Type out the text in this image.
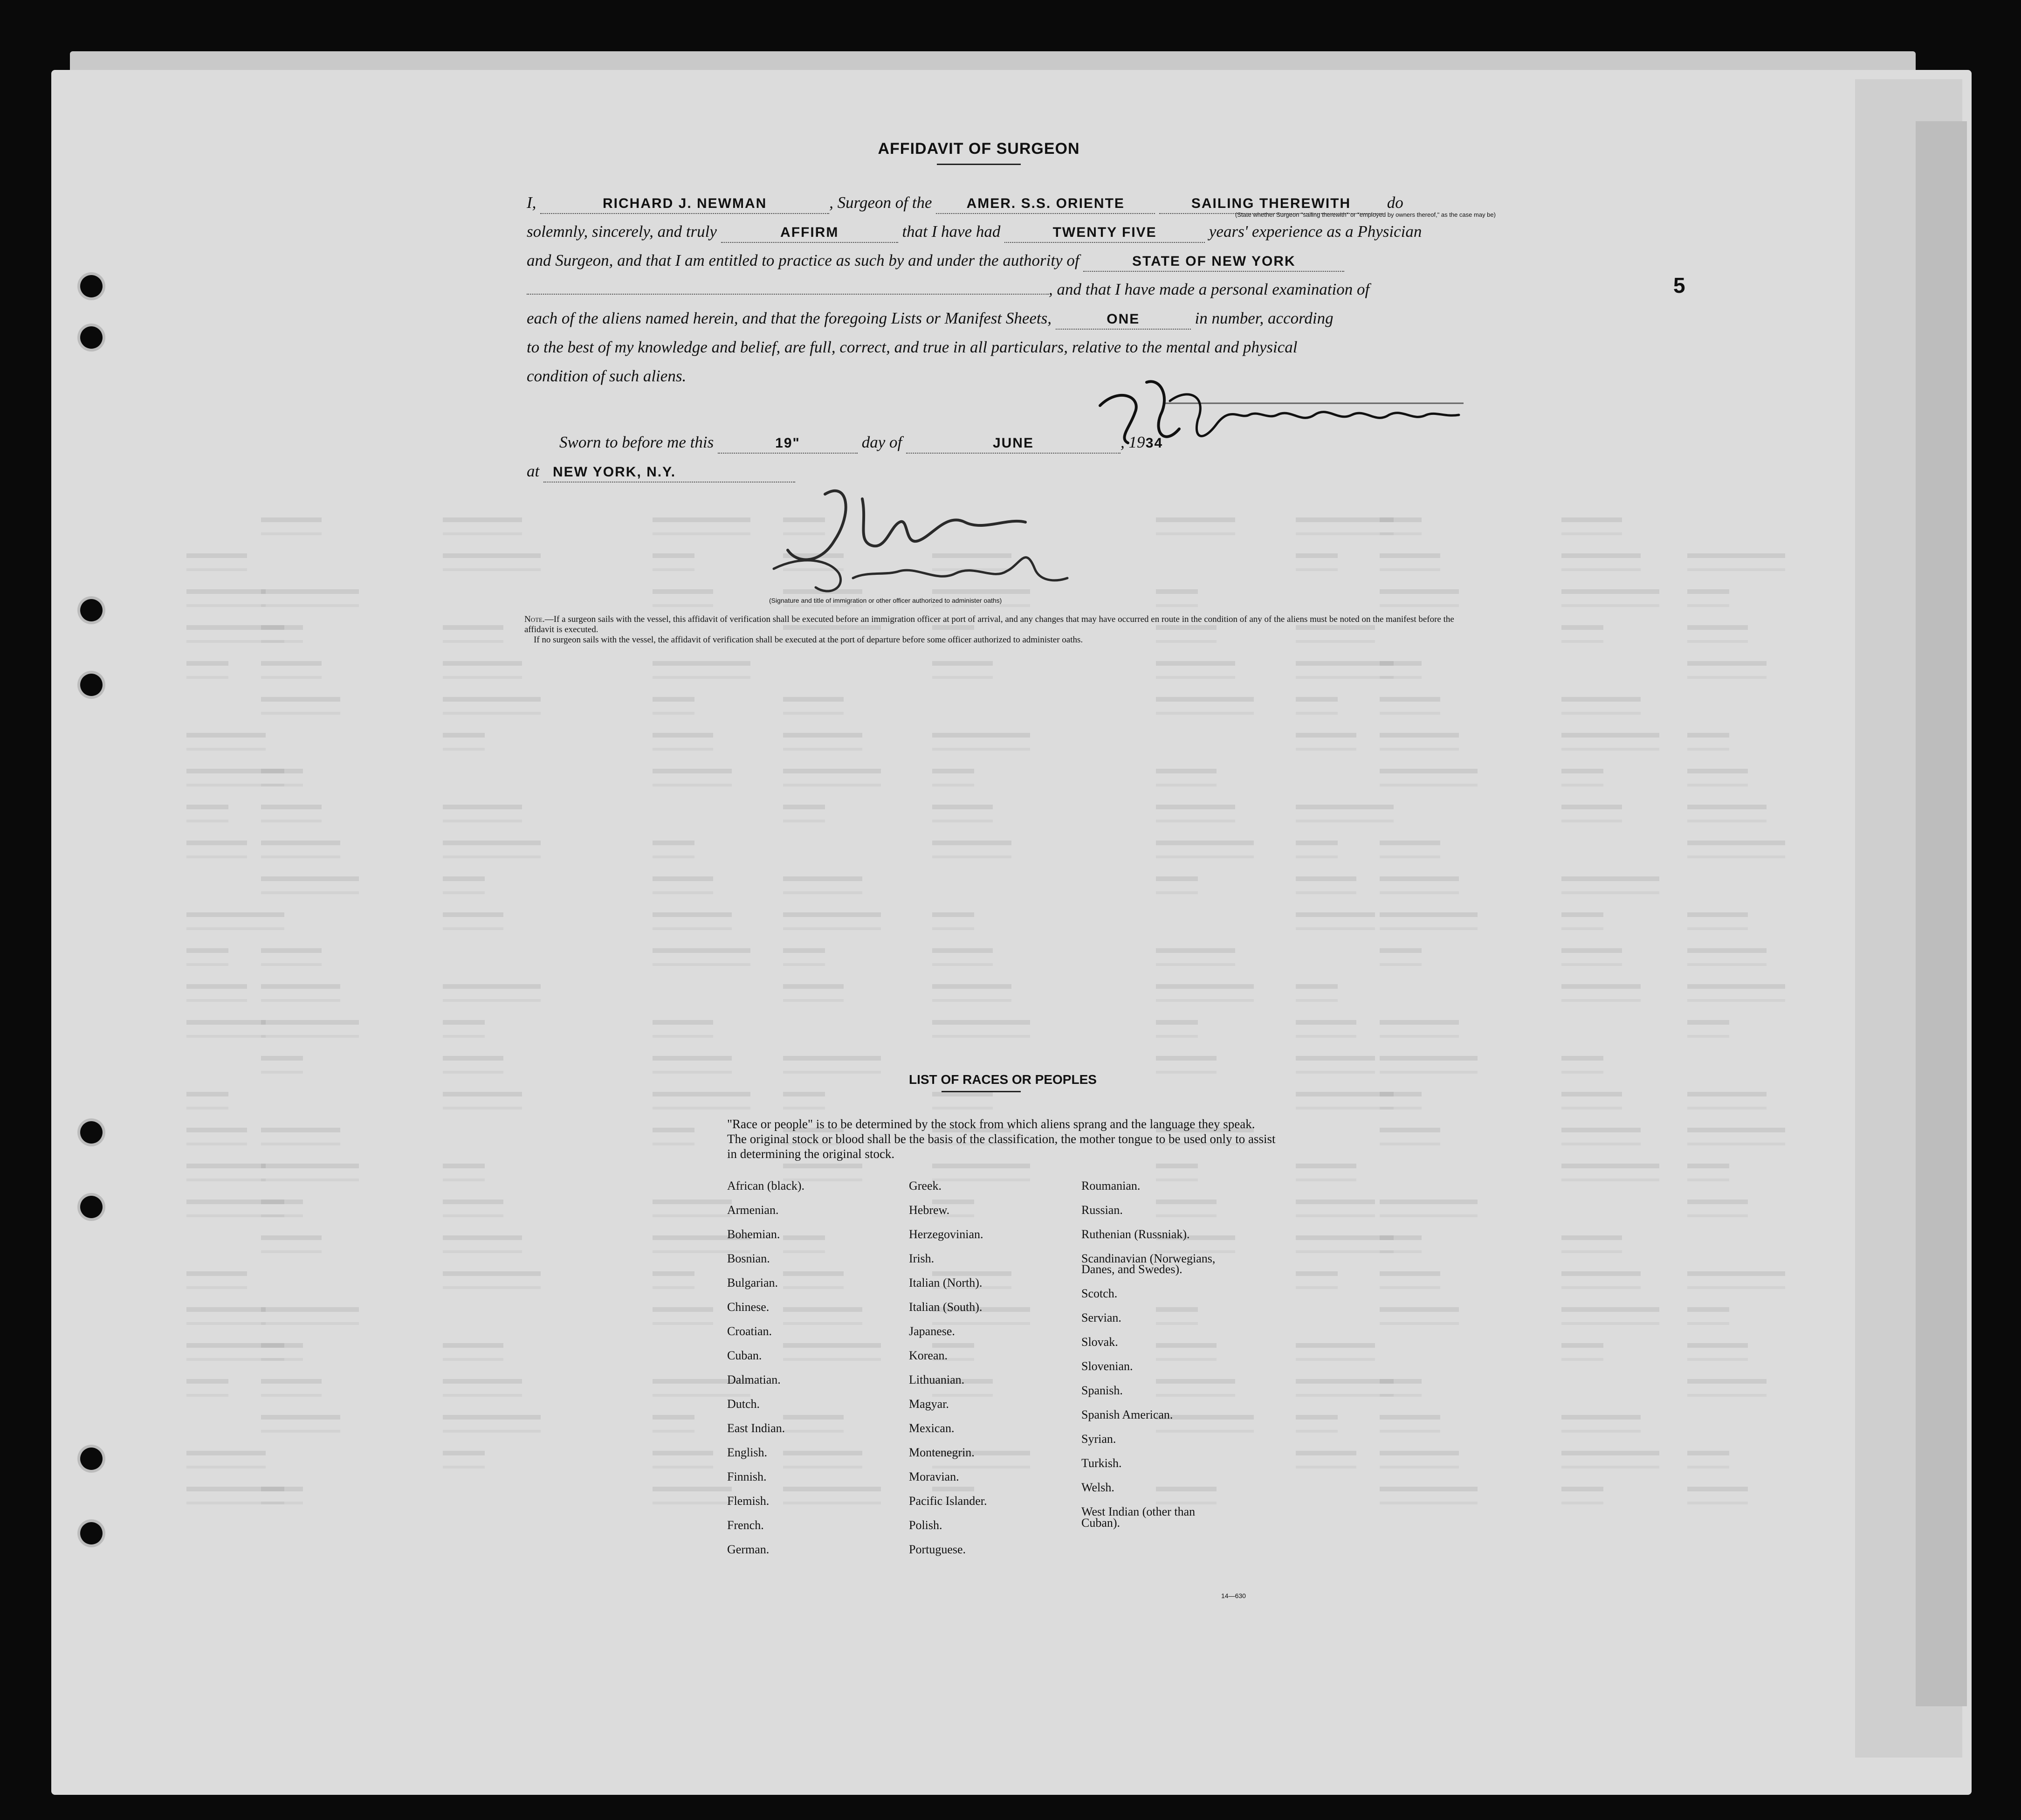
AFFIDAVIT OF SURGEON
I,	RICHARD J. NEWMAN	, Surgeon of the AMER. S.S. ORIENTE	SAILING THEREWITH do
(State whether Surgeon "sailing therewith" or "employed by owners thereof," as the case may be)
solemnly, sincerely, and truly	AFFIRM	that I have had	TWENTY FIVE	years' experience as a Physician
and Surgeon, and that I am entitled to practice as such by and under the authority of	STATE OF NEW YORK
, and that I have made a personal examination of
each of the aliens named herein, and that the foregoing Lists or Manifest Sheets,	ONE	in number, according
to the best of my knowledge and belief, are full, correct, and true in all particulars, relative to the mental and physical
condition of such aliens.
Sworn to before me this	19"	day of	JUNE	, 1934
at NEW YORK, N.Y.
(Signature and title of immigration or other officer authorized to administer oaths)
5
Note.—If a surgeon sails with the vessel, this affidavit of verification shall be executed before an immigration officer at port of arrival, and any changes that may have occurred en route in the condition of any of the aliens must be noted on the manifest before the affidavit is executed.
If no surgeon sails with the vessel, the affidavit of verification shall be executed at the port of departure before some officer authorized to administer oaths.
LIST OF RACES OR PEOPLES
"Race or people" is to be determined by the stock from which aliens sprang and the language they speak. The original stock or blood shall be the basis of the classification, the mother tongue to be used only to assist in determining the original stock.
African (black).
Armenian.
Bohemian.
Bosnian.
Bulgarian.
Chinese.
Croatian.
Cuban.
Dalmatian.
Dutch.
East Indian.
English.
Finnish.
Flemish.
French.
German.
Greek.
Hebrew.
Herzegovinian.
Irish.
Italian (North).
Italian (South).
Japanese.
Korean.
Lithuanian.
Magyar.
Mexican.
Montenegrin.
Moravian.
Pacific Islander.
Polish.
Portuguese.
Roumanian.
Russian.
Ruthenian (Russniak).
Scandinavian (Norwegians,
Danes, and Swedes).
Scotch.
Servian.
Slovak.
Slovenian.
Spanish.
Spanish American.
Syrian.
Turkish.
Welsh.
West Indian (other than
Cuban).
14—630
